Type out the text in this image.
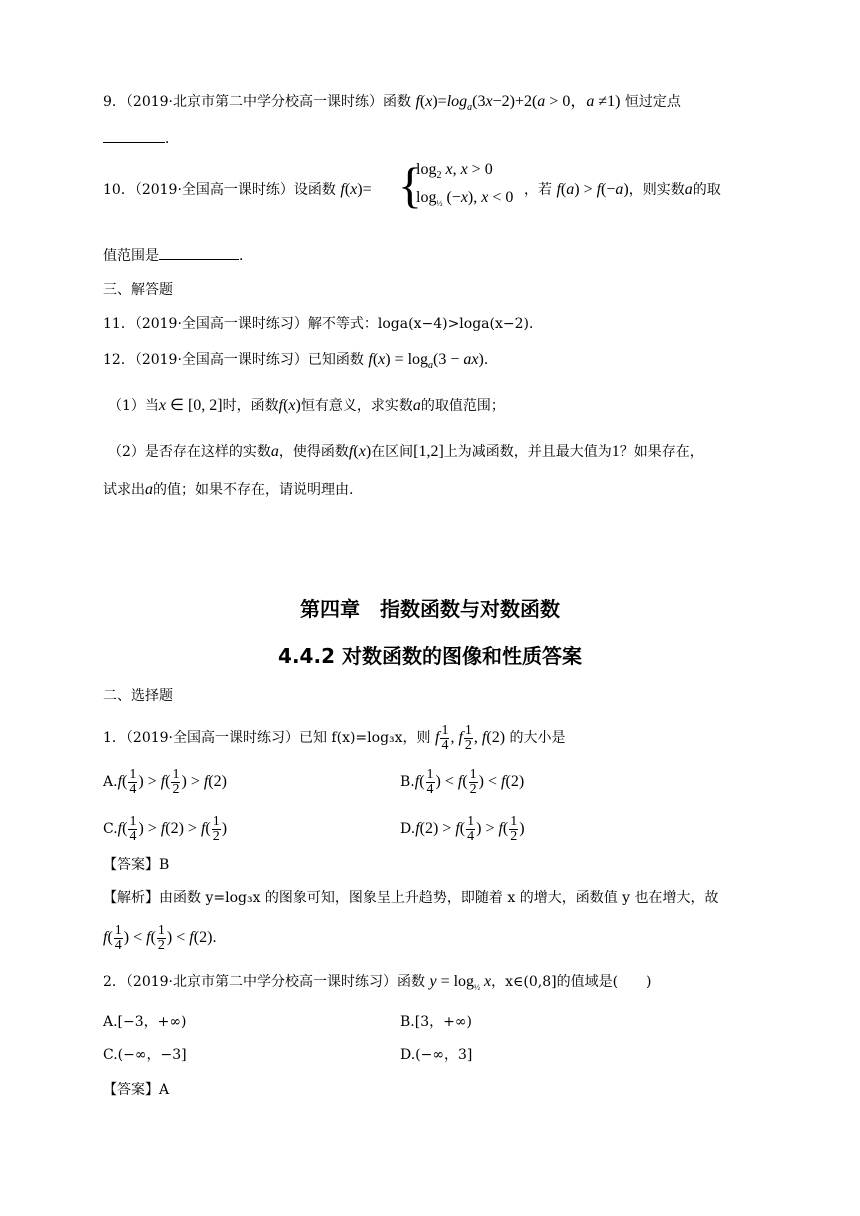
9．（2019·北京市第二中学分校高一课时练）函数 $f(x)=\log_a(3x-2)+2(a > 0$，a ≠1) 恒过定点
．
10．（2019·全国高一课时练）设函数 f(x)= {
$\log_2 x$, x > 0
$\log_{\frac{1}{2}} (-x)$, x < 0 ，若 f(a) > f(−a)，则实数a的取
值范围是	．
三、解答题
11．（2019·全国高一课时练习）解不等式：loga(x−4)>loga(x−2)．
12．（2019·全国高一课时练习）已知函数 $f(x) = \log_a(3 - ax)$．
（1）当x ∈ [0, 2]时，函数f(x)恒有意义，求实数a的取值范围；
（2）是否存在这样的实数a，使得函数f(x)在区间[1,2]上为减函数，并且最大值为1？如果存在，
试求出a的值；如果不存在，请说明理由.
第四章　指数函数与对数函数
4.4.2 对数函数的图像和性质答案
二、选择题
1．（2019·全国高一课时练习）已知 f(x)=log₃x，则 f $\frac{1}{4}$ , f $\frac{1}{2}$ , f(2) 的大小是
$A.f( \frac{1}{4}$ ) > $f( \frac{1}{2}$ ) > f(2)	$B.f( \frac{1}{4}$ ) < $f( \frac{1}{2}$ ) < f(2)
$C.f( \frac{1}{4}$ ) > $f(2) > f( \frac{1}{2}$ )	$D.f(2) > f( \frac{1}{4}$ ) > $f( \frac{1}{2}$ )
【答案】B
【解析】由函数 y=log₃x 的图象可知，图象呈上升趋势，即随着 x 的增大，函数值 y 也在增大，故
$f( \frac{1}{4}$ ) < $f( \frac{1}{2}$ ) < f(2)．
2．（2019·北京市第二中学分校高一课时练习）函数 $y = \log_{\frac{1}{2}} x$，x∈(0,8]的值域是(　　)
A.[−3，+∞)	B.[3，+∞)
C.(−∞，−3]	D.(−∞，3]
【答案】A
